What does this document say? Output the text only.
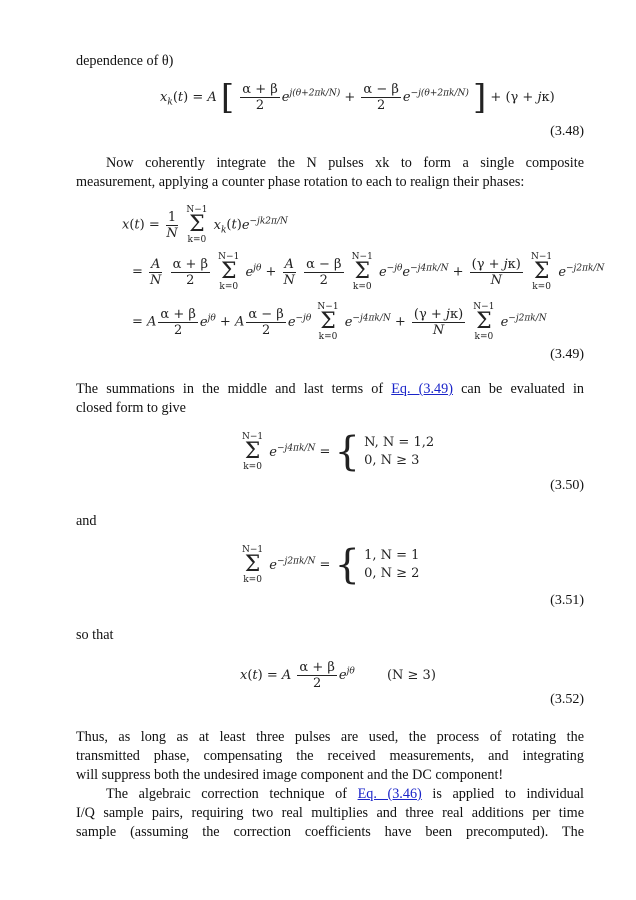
dependence of θ)
$x_k(t) = A$ [ $\frac{\alpha + \beta}{2} e^{j(\theta+2\pi k/N)} + \frac{\alpha - \beta}{2} e^{-j(\theta+2\pi k/N)}$ ] + (γ + jκ)
(3.48)
Now coherently integrate the N pulses xk to form a single composite
measurement, applying a counter phase rotation to each to realign their phases:
$x(t) = \frac{1}{N} N-1$
Σ
k=0 $x_k(t)e^{-jk2\pi/N}$
= $\frac{A}{N}$
$\frac{\alpha + \beta}{2} N-1$
Σ
k=0 $e^{j\theta} + \frac{A}{N}$
$\frac{\alpha - \beta}{2} N-1$
Σ
k=0 $e^{-j\theta}e^{-j4\pi k/N} + \frac{(\gamma + j\kappa)}{N} N-1$
Σ
k=0 $e^{-j2\pi k/N}$
= A $\frac{\alpha + \beta}{2} e^{j\theta} + A \frac{\alpha - \beta}{2} e^{-j\theta}$ N−1
Σ
k=0 $e^{-j4\pi k/N} + \frac{(\gamma + j\kappa)}{N} N-1$
Σ
k=0 $e^{-j2\pi k/N}$
(3.49)
The summations in the middle and last terms of Eq. (3.49) can be evaluated in
closed form to give
N−1
Σ
k=0 $e^{-j4\pi k/N}$ = { N, N = 1,2
0, N ≥ 3
(3.50)
and
N−1
Σ
k=0 $e^{-j2\pi k/N}$ = { 1, N = 1
0, N ≥ 2
(3.51)
so that
x(t) = A $\frac{\alpha + \beta}{2} e^{j\theta}$ (N ≥ 3)
(3.52)
Thus, as long as at least three pulses are used, the process of rotating the
transmitted phase, compensating the received measurements, and integrating
will suppress both the undesired image component and the DC component!
The algebraic correction technique of Eq. (3.46) is applied to individual
I/Q sample pairs, requiring two real multiplies and three real additions per time
sample (assuming the correction coefficients have been precomputed). The
